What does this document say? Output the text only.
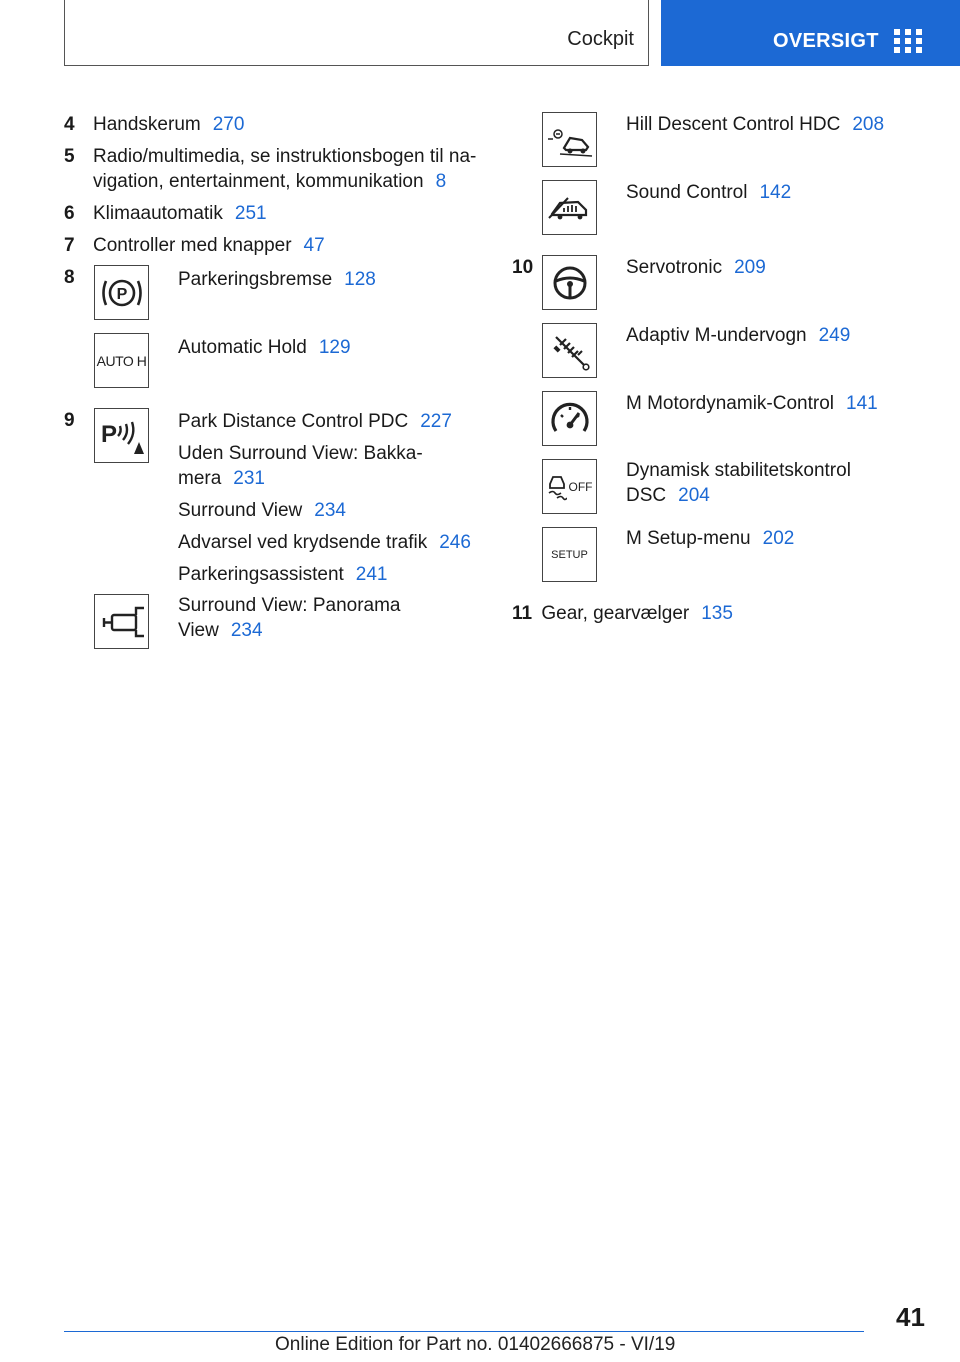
Cockpit	OVERSIGT
4 Handskerum 270
5 Radio/multimedia, se instruktionsbogen til na-
vigation, entertainment, kommunikation 8
6 Klimaautomatik 251
7 Controller med knapper 47
8
P
Parkeringsbremse 128
AUTO H
Automatic Hold 129
9 P	Park Distance Control PDC 227
Uden Surround View: Bakka-
mera 231
Surround View 234
Advarsel ved krydsende trafik 246
Parkeringsassistent 241
Surround View: Panorama
View 234
Hill Descent Control HDC 208
Sound Control 142
10	Servotronic 209
Adaptiv M-undervogn 249
M Motordynamik-Control 141
OFF
Dynamisk stabilitetskontrol
DSC 204
SETUP
M Setup-menu 202
11 Gear, gearvælger 135
41
Online Edition for Part no. 01402666875 - VI/19
